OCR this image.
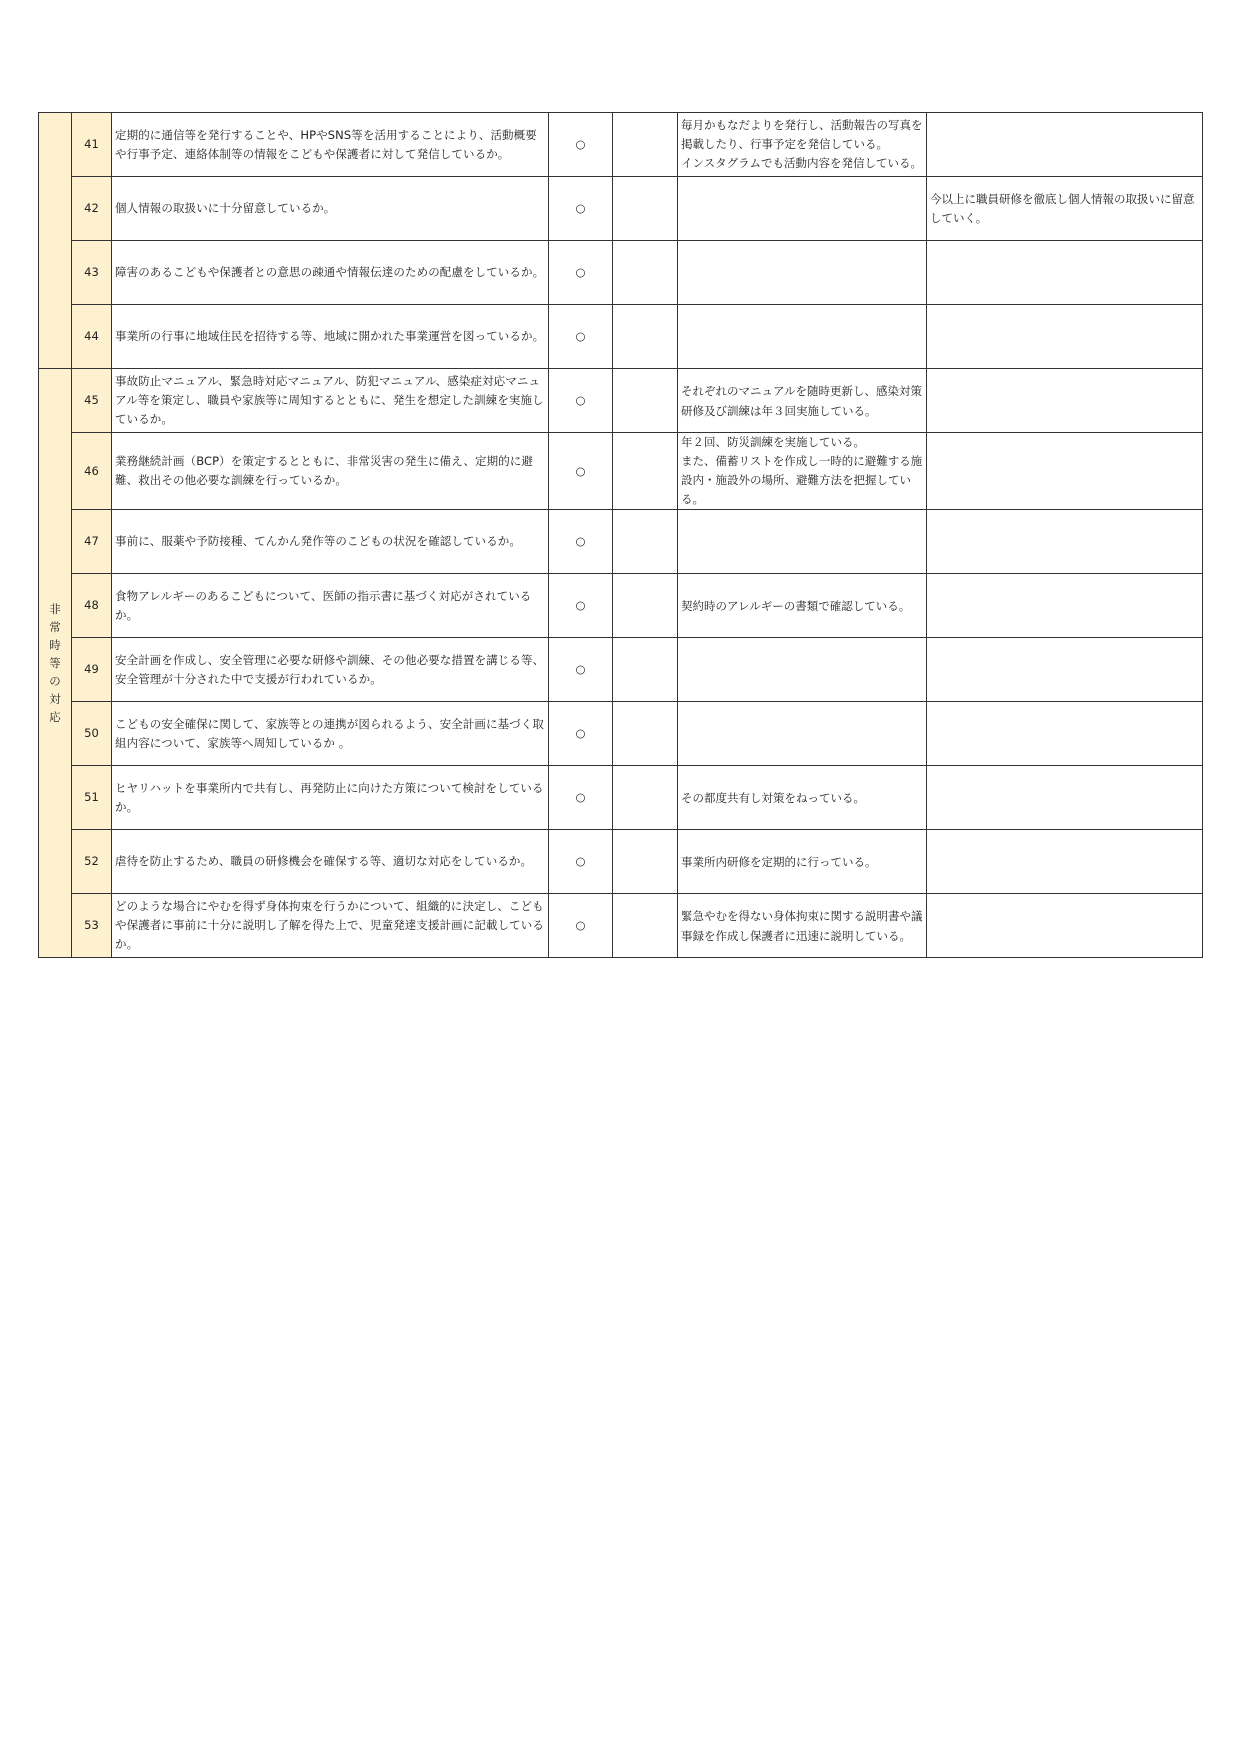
	41	定期的に通信等を発行することや、HPやSNS等を活用することにより、活動概要や行事予定、連絡体制等の情報をこどもや保護者に対して発信しているか。	○		毎月かもなだよりを発行し、活動報告の写真を掲載したり、行事予定を発信している。
インスタグラムでも活動内容を発信している。	

	42	個人情報の取扱いに十分留意しているか。	○			今以上に職員研修を徹底し個人情報の取扱いに留意していく。
	43	障害のあるこどもや保護者との意思の疎通や情報伝達のための配慮をしているか。	○			
	44	事業所の行事に地域住民を招待する等、地域に開かれた事業運営を図っているか。	○			
非常時等の対応	45	事故防止マニュアル、緊急時対応マニュアル、防犯マニュアル、感染症対応マニュアル等を策定し、職員や家族等に周知するとともに、発生を想定した訓練を実施しているか。	○		それぞれのマニュアルを随時更新し、感染対策研修及び訓練は年３回実施している。	
	46	業務継続計画（BCP）を策定するとともに、非常災害の発生に備え、定期的に避難、救出その他必要な訓練を行っているか。	○		年２回、防災訓練を実施している。
また、備蓄リストを作成し一時的に避難する施設内・施設外の場所、避難方法を把握している。	

	47	事前に、服薬や予防接種、てんかん発作等のこどもの状況を確認しているか。	○			
	48	食物アレルギーのあるこどもについて、医師の指示書に基づく対応がされているか。	○		契約時のアレルギーの書類で確認している。	
	49	安全計画を作成し、安全管理に必要な研修や訓練、その他必要な措置を講じる等、安全管理が十分された中で支援が行われているか。	○			
	50	こどもの安全確保に関して、家族等との連携が図られるよう、安全計画に基づく取組内容について、家族等へ周知しているか 。	○			
	51	ヒヤリハットを事業所内で共有し、再発防止に向けた方策について検討をしているか。	○		その都度共有し対策をねっている。	
	52	虐待を防止するため、職員の研修機会を確保する等、適切な対応をしているか。	○		事業所内研修を定期的に行っている。	
	53	どのような場合にやむを得ず身体拘束を行うかについて、組織的に決定し、こどもや保護者に事前に十分に説明し了解を得た上で、児童発達支援計画に記載しているか。	○		緊急やむを得ない身体拘束に関する説明書や議事録を作成し保護者に迅速に説明している。	
